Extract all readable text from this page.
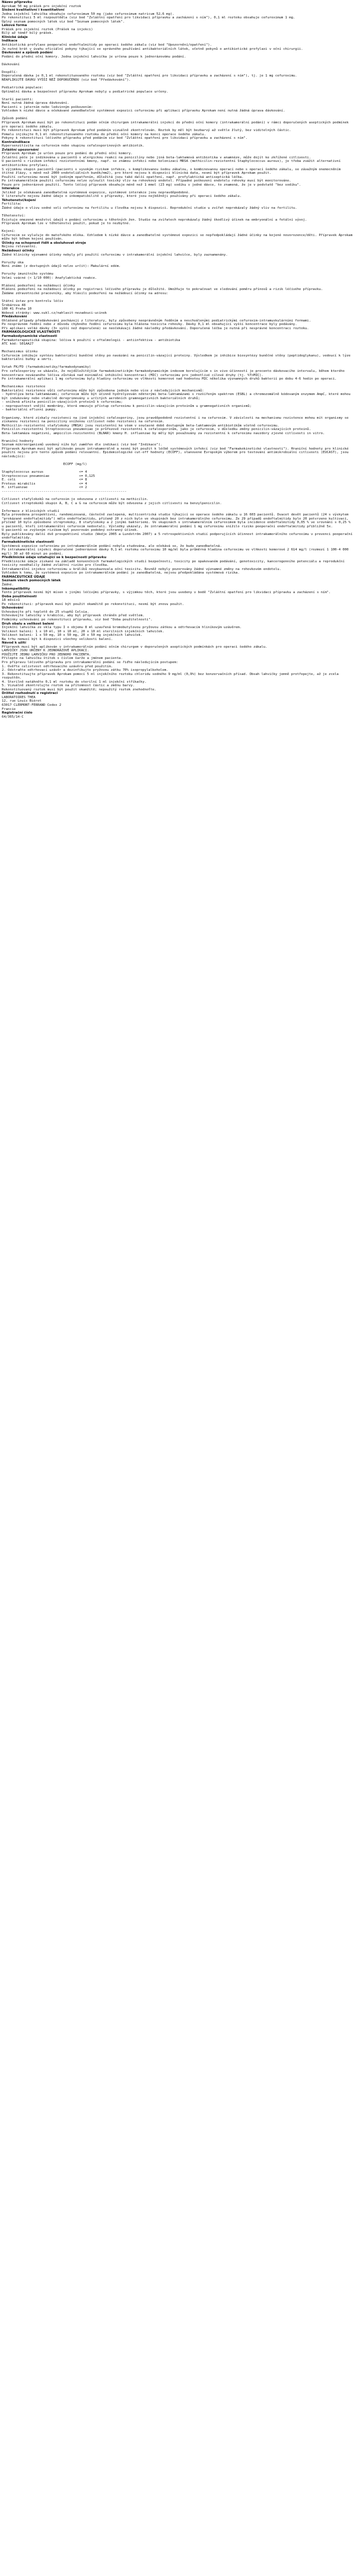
Název přípravku
Aprokam 50 mg prášek pro injekční roztok
Složení kvalitativní i kvantitativní
Jedna injekční lahvička obsahuje cefuroximum 50 mg (jako cefuroximum natricum 52,6 mg).
Po rekonstituci 5 ml rozpouštědla (viz bod "Zvláštní opatření pro likvidaci přípravku a zacházení s ním"), 0,1 ml roztoku obsahuje cefuroximum 1 mg.
Úplný seznam pomocných látek viz bod "Seznam pomocných látek".
Léková forma
Prášek pro injekční roztok (Prášek na injekci)
Bílý až téměř bílý prášek.
Klinické údaje
Indikace
Antibiotická profylaxe pooperační endoftalmitidy po operaci šedého zákalu (viz bod "Upozornění/opatření").
Je nutné brát v úvahu oficiální pokyny týkající se správného používání antibakteriálních látek, včetně pokynů o antibiotické profylaxi v oční chirurgii.
Dávkování a způsob podání
Podání do přední oční komory. Jedna injekční lahvička je určena pouze k jednorázovému podání.
Dávkování
Dospělí:
Doporučená dávka je 0,1 ml rekonstituovaného roztoku (viz bod "Zvláštní opatření pro likvidaci přípravku a zacházení s ním"), tj. je 1 mg cefuroximu.
NEAPLIKUJTE DÁVKU VYŠŠÍ NEŽ DOPORUČENOU (viz bod "Předávkování").
Pediatrická populace:
Optimální dávka a bezpečnost přípravku Aprokam nebyly u pediatrické populace určeny.
Starší pacienti:
Není nutná žádná úprava dávkování.
Pacienti s jaterním nebo ledvinným poškozením:
Vzhledem k nízké dávce a očekávané zanedbatelné systémové expozici cefuroximu při aplikaci přípravku Aprokam není nutná žádná úprava dávkování.
Způsob podání
Přípravek Aprokam musí být po rekonstituci podán očním chirurgem intrakamerální injekcí do přední oční komory (intrakamerální podání) v rámci doporučených aseptických podmínek pro operaci šedého zákalu.
Po rekonstituci musí být přípravek Aprokam před podáním vizuálně zkontrolován. Roztok by měl být bezbarvý až světle žlutý, bez viditelných částic.
Pomalu injikujte 0,1 ml rekonstituovaného roztoku do přední oční komory na konci operace šedého zákalu.
Pokyny k rekonstituci léčivého přípravku před podáním viz bod "Zvláštní opatření pro likvidaci přípravku a zacházení s ním".
Kontraindikace
Hypersenzitivita na cefuroxim nebo skupinu cefalosporinových antibiotik.
Zvláštní upozornění
Přípravek Aprokam je určen pouze pro podání do přední oční komory.
Zvláštní péče je indikována u pacientů s alergickou reakcí na penicilíny nebo jiná beta-laktamová antibiotika v anamnéze, může dojít ke zkřížené citlivosti.
U pacientů s rizikem infekcí rezistentními kmeny, např. se známou infekcí nebo kolonizací MRSA (methicilin-rezistentní Staphylococcus aureus), je třeba zvážit alternativní antibiotickou profylaxi.
S výjimkou skupin pacientů (pacienti s vysokým rizikem infekce, s komplikovanou šedou zákalou, s kombinovanou operací nebo s operací šedého zákalu, se závažným onemocněním štítné žlázy, s méně než 2000 endoteliálních buněk/mm2), pro které nejsou k dispozici klinická data, nesmí být přípravek Aprokam použit.
Použití cefuroximu nesmí být jediným opatřením, důležitá jsou také další opatření, např. profylaktická antiseptická léčba.
Po intrakamerálním použití cefuroximu nelze vyloučit toxický vliv na rohovkový endotel. Případné poškození endotelu rohovky musí být monitorováno.
Pouze pro jednorázové použití. Tento léčivý přípravek obsahuje méně než 1 mmol (23 mg) sodíku v jedné dávce, to znamená, že je v podstatě "bez sodíku".
Interakce
Jelikož je očekávaná zanedbatelná systémová expozice, systémové interakce jsou nepravděpodobné.
V literatuře nejsou žádné údaje o inkompatibilitě s přípravky, které jsou nejběžněji používány při operaci šedého zákalu.
Těhotenství/kojení
Fertilita:
Žádné údaje o vlivu sodné soli cefuroximu na fertilitu u člověka nejsou k dispozici. Reprodukční studie u zvířat neprokázaly žádný vliv na fertilitu.
Těhotenství:
Existuje omezené množství údajů o podání cefuroximu u těhotných žen. Studie na zvířatech neprokázaly žádný škodlivý účinek na embryonální a fetální vývoj.
Přípravek Aprokam lze v těhotenství použít, pokud je to nezbytné.
Kojení:
Cefuroxim se vylučuje do mateřského mléka. Vzhledem k nízké dávce a zanedbatelné systémové expozici se nepředpokládají žádné účinky na kojené novorozence/děti. Přípravek Aprokam může být během kojení používán.
Účinky na schopnost řídit a obsluhovat stroje
Nejsou relevantní.
Nežádoucí účinky
Žádné klinicky významné účinky nebyly při použití cefuroximu v intrakamerální injekční lahvičce, byly zaznamenány.
Poruchy oka
Není známo (z dostupných údajů nelze určit): Makulární edém.
Poruchy imunitního systému
Velmi vzácné (< 1/10 000): Anafylaktická reakce.
Hlášení podezření na nežádoucí účinky
Hlášení podezření na nežádoucí účinky po registraci léčivého přípravku je důležité. Umožňuje to pokračovat ve sledování poměru přínosů a rizik léčivého přípravku.
Žádáme zdravotnické pracovníky, aby hlásili podezření na nežádoucí účinky na adresu:
Státní ústav pro kontrolu léčiv
Šrobárova 48
100 41 Praha 10
Webové stránky: www.sukl.cz/nahlasit-nezadouci-ucinek
Předávkování
Ohlášené případy předávkování pocházejí z literatury, byly způsobeny neoprávněným ředěním a neschválenými pediatrickými cefuroxim-intramuskulárními formami.
Po nesprávném ředění nebo z důvodu chybného ředění cefuroximu byla hlášena toxicita rohovky. Dávky 0,1 ml obsahující vyšší koncentrace byly podávány.
Při aplikaci velké dávky (3× vyšší než doporučená) se neočekávají žádné následky předávkování. Doporučená léčba je nutná při nesprávné koncentraci roztoku.
FARMAKOLOGICKÉ VLASTNOSTI
Farmakodynamické vlastnosti
Farmakoterapeutická skupina: léčiva k použití v oftalmologii - antiinfektiva - antibiotika
ATC kód: S01AA27
Mechanismus účinku
Cefuroxim inhibuje syntézu bakteriální buněčné stěny po navázání na penicilin-vázající proteiny. Výsledkem je inhibice biosyntézy buněčné stěny (peptidoglykanu), vedoucí k lýze bakteriální buňky a smrti.
Vztah FK/FD (farmakokinetiky/farmakodynamiky)
Pro cefalosporiny se ukázalo, že nejdůležitějším farmakokinetickým-farmakodynamickým indexem korelujícím s in vivo účinností je procento dávkovacího intervalu, během kterého koncentrace nevázaného léčiva zůstává nad minimální inhibiční koncentrací (MIC) cefuroximu pro jednotlivé cílové druhy (tj. %T>MIC).
Po intrakamerální aplikaci 1 mg cefuroximu byly hladiny cefuroximu ve vlhkosti komorové nad hodnotou MIC několika významných druhů bakterií po dobu 4-6 hodin po operaci.
Mechanismus rezistence
Bakteriální rezistence vůči cefuroximu může být způsobena jedním nebo více z následujících mechanismů:
- hydrolýza beta-laktamázami; cefuroxim může být účinně hydrolyzován některými beta-laktamázami s rozšířeným spektrem (ESBL) a chromozomálně kódovaným enzymem AmpC, které mohou být indukovány nebo stabilně dereprimovány u určitých aerobních gramnegativních bakteriálních druhů;
- snížená afinita penicilin-vázajících proteinů k cefuroximu;
- nepropustnost vnější membrány, která omezuje přístup cefuroximu k penicilin-vázajícím proteinům u gramnegativních organismů;
- bakteriální efluxní pumpy.
Organismy, které získaly rezistenci na jiné injekční cefalosporiny, jsou pravděpodobně rezistentní i na cefuroxim. V závislosti na mechanismu rezistence mohou mít organismy se získanou rezistencí na peniciliny sníženou citlivost nebo rezistenci na cefuroxim.
Methicilin-rezistentní stafylokoky (MRSA) jsou rezistentní ke všem v současné době dostupným beta-laktamovým antibiotikům včetně cefuroximu.
Penicilin-rezistentní Streptococcus pneumoniae je průřezově rezistentní k cefalosporinům, jako je cefuroxim, v důsledku změny penicilin-vázajících proteinů.
Beta-laktamáza negativní, ampicilin-rezistentní (BLNAR) kmeny H. influenzae by měly být považovány za rezistentní k cefuroximu navzdory zjevné citlivosti in vitro.
Hraniční hodnoty
Seznam mikroorganismů uvedený níže byl zaměřen dle indikací (viz bod "Indikace").
Přípravek Aprokam musí být aplikován pouze intrakamerálně a nesmí být použit k léčbě systémových infekcí (viz bod "Farmakokinetické vlastnosti"). Hraniční hodnoty pro klinické použití nejsou pro tento způsob podání relevantní. Epidemiologické cut-off hodnoty (ECOFF), stanovené Evropským výborem pro testování antimikrobiální citlivosti (EUCAST), jsou následující:
ECOFF (mg/l)
Staphylococcus aureus                  <= 4
Streptococcus pneumoniae               <= 0,125
E. coli                                <= 8
Proteus mirabilis                      <= 4
H. influenzae                          <= 2
---------------------------------------------------------------
Citlivost stafylokoků na cefuroxim je odvozena z citlivosti na methicilin.
Citlivost streptokoků skupin A, B, C a G na cefuroxim může být odvozena z jejich citlivosti na benzylpenicilin.
Informace z klinických studií
Byla provedena prospektivní, randomizovaná, částečně zaslepená, multicentrická studie týkající se operace šedého zákalu u 16 603 pacientů. Dvacet devět pacientů (24 s výskytem "prokázané endoftalmitidy") mělo endoftalmitidu, přičemž 20 z nich bylo ve skupinách bez intrakamerálního cefuroximu. Ze 29 případů endoftalmitidy bylo 20 potvrzeno kultivací, přičemž 10 bylo způsobeno streptokoky, 8 stafylokoky a 2 jinými bakteriemi. Ve skupinách s intrakamerálním cefuroximem byla incidence endoftalmitidy 0,05 % ve srovnání s 0,25 % u pacientů, kteří intrakamerální cefuroxim nedostali. Výsledky ukázaly, že intrakamerální podání 1 mg cefuroximu snížilo riziko pooperační endoftalmitidy přibližně 5x.
U pacientů se zvýšeným rizikem byl pozorován podobný ochranný účinek.
Byly publikovány další dvě prospektivní studie (Wedje 2005 a Lundström 2007) a 5 retrospektivních studií podporujících účinnost intrakamerálního cefuroximu v prevenci pooperační endoftalmitidy.
Farmakokinetické vlastnosti
Systémová expozice cefuroximu po intrakamerálním podání nebyla studována, ale očekává se, že bude zanedbatelná.
Po intrakamerální injekci doporučené jednorázové dávky 0,1 ml roztoku cefuroximu 10 mg/ml byla průměrná hladina cefuroximu ve vlhkosti komorové 2 614 mg/l (rozmezí 1 100-4 000 mg/l) 30 až 60 minut po podání.
Předklinické údaje vztahující se k bezpečnosti přípravku
Předklinické údaje získané na základě konvenčních farmakologických studií bezpečnosti, toxicity po opakovaném podávání, genotoxicity, kancerogenního potenciálu a reprodukční toxicity neodhalily žádné zvláštní riziko pro člověka.
Intrakamerální injekce cefuroximu u králíků nevykazovala oční toxicitu. Rovněž nebyly pozorovány žádné významné změny na rohovkovém endotelu.
Vzhledem k tomu, že systémová expozice po intrakamerálním podání je zanedbatelná, nejsou předpokládána systémová rizika.
FARMACEUTICKÉ ÚDAJE
Seznam všech pomocných látek
Žádné.
Inkompatibility
Tento přípravek nesmí být mísen s jinými léčivými přípravky, s výjimkou těch, které jsou uvedeny v bodě "Zvláštní opatření pro likvidaci přípravku a zacházení s ním".
Doba použitelnosti
18 měsíců
Po rekonstituci: přípravek musí být použit okamžitě po rekonstituci, nesmí být znovu použit.
Uchovávání
Uchovávejte při teplotě do 25 stupňů Celsia.
Uchovávejte lahvičky v krabičce, aby byl přípravek chráněn před světlem.
Podmínky uchovávání po rekonstituci přípravku, viz bod "Doba použitelnosti".
Druh obalu a velikost balení
Injekční lahvička ze skla typu I o objemu 8 ml uzavřená bromobutylovou pryžovou zátkou a odtrhovacím hliníkovým uzávěrem.
Velikost balení: 1 x 10 ml, 10 x 10 ml, 20 x 10 ml sterilních injekčních lahviček.
Velikost balení: 1 x 50 mg, 10 x 50 mg, 20 x 50 mg injekčních lahviček.
Na trhu nemusí být k dispozici všechny velikosti balení.
Návod k užití
Přípravek musí být aplikován v intrakamerálním podání očním chirurgem v doporučených aseptických podmínkách pro operaci šedého zákalu.
LAHVIČKY JSOU URČENY K JEDNORÁZOVÉ APLIKACI.
POUŽIJTE JEDNU LAHVIČKU PRO JEDNOHO PACIENTA.
Přilepte na lahvičku štítek s číslem šarže a jménem pacienta.
Pro přípravu léčivého přípravku pro intrakamerální podání se řiďte následujícím postupem:
1. Ověřte celistvost odtrhovacího uzávěru před použitím.
2. Odstraňte odtrhovací uzávěr a dezinfikujte pryžovou zátku 70% isopropylalkoholem.
3. Rekonstituujte přípravek Aprokam pomocí 5 ml injekčního roztoku chloridu sodného 9 mg/ml (0,9%) bez konzervačních přísad. Obsah lahvičky jemně protřepejte, až je zcela rozpuštěn.
4. Sterilně natáhněte 0,1 ml roztoku do sterilní 1 ml injekční stříkačky.
5. Vizuálně zkontrolujte roztok na přítomnost částic a změnu barvy.
Rekonstituovaný roztok musí být použit okamžitě; nepoužitý roztok znehodnoťte.
Držitel rozhodnutí o registraci
LABORATOIRES THEA
12, rue Louis Biérot
63017 CLERMONT-FERRAND Cedex 2
Francie
Registrační číslo
64/365/14-C
